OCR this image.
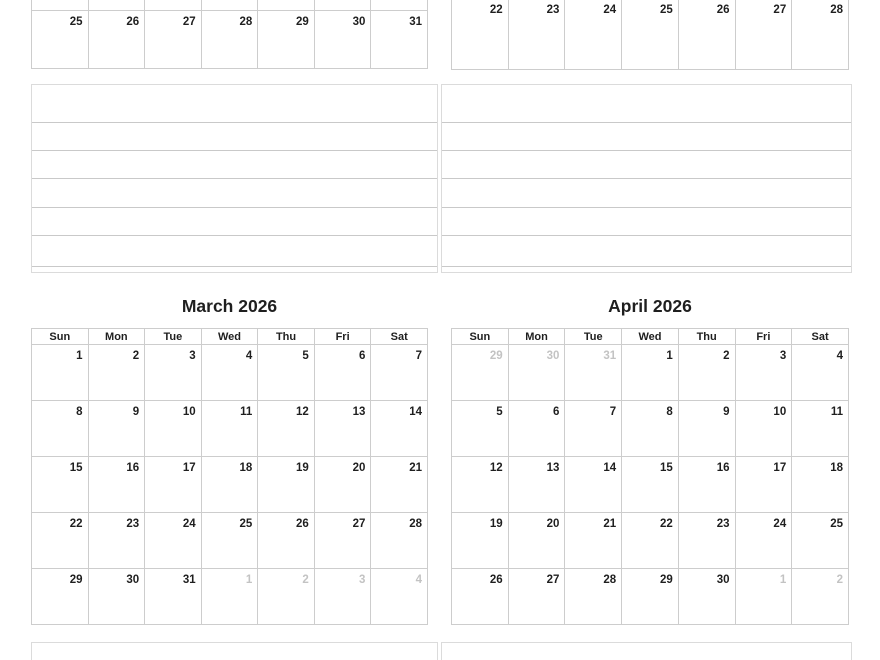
25	26	27	28	29	30	31
22	23	24	25	26	27	28
March 2026
Sun	Mon	Tue	Wed	Thu	Fri	Sat
1	2	3	4	5	6	7
8	9	10	11	12	13	14
15	16	17	18	19	20	21
22	23	24	25	26	27	28
29	30	31	1	2	3	4
April 2026
Sun	Mon	Tue	Wed	Thu	Fri	Sat
29	30	31	1	2	3	4
5	6	7	8	9	10	11
12	13	14	15	16	17	18
19	20	21	22	23	24	25
26	27	28	29	30	1	2
